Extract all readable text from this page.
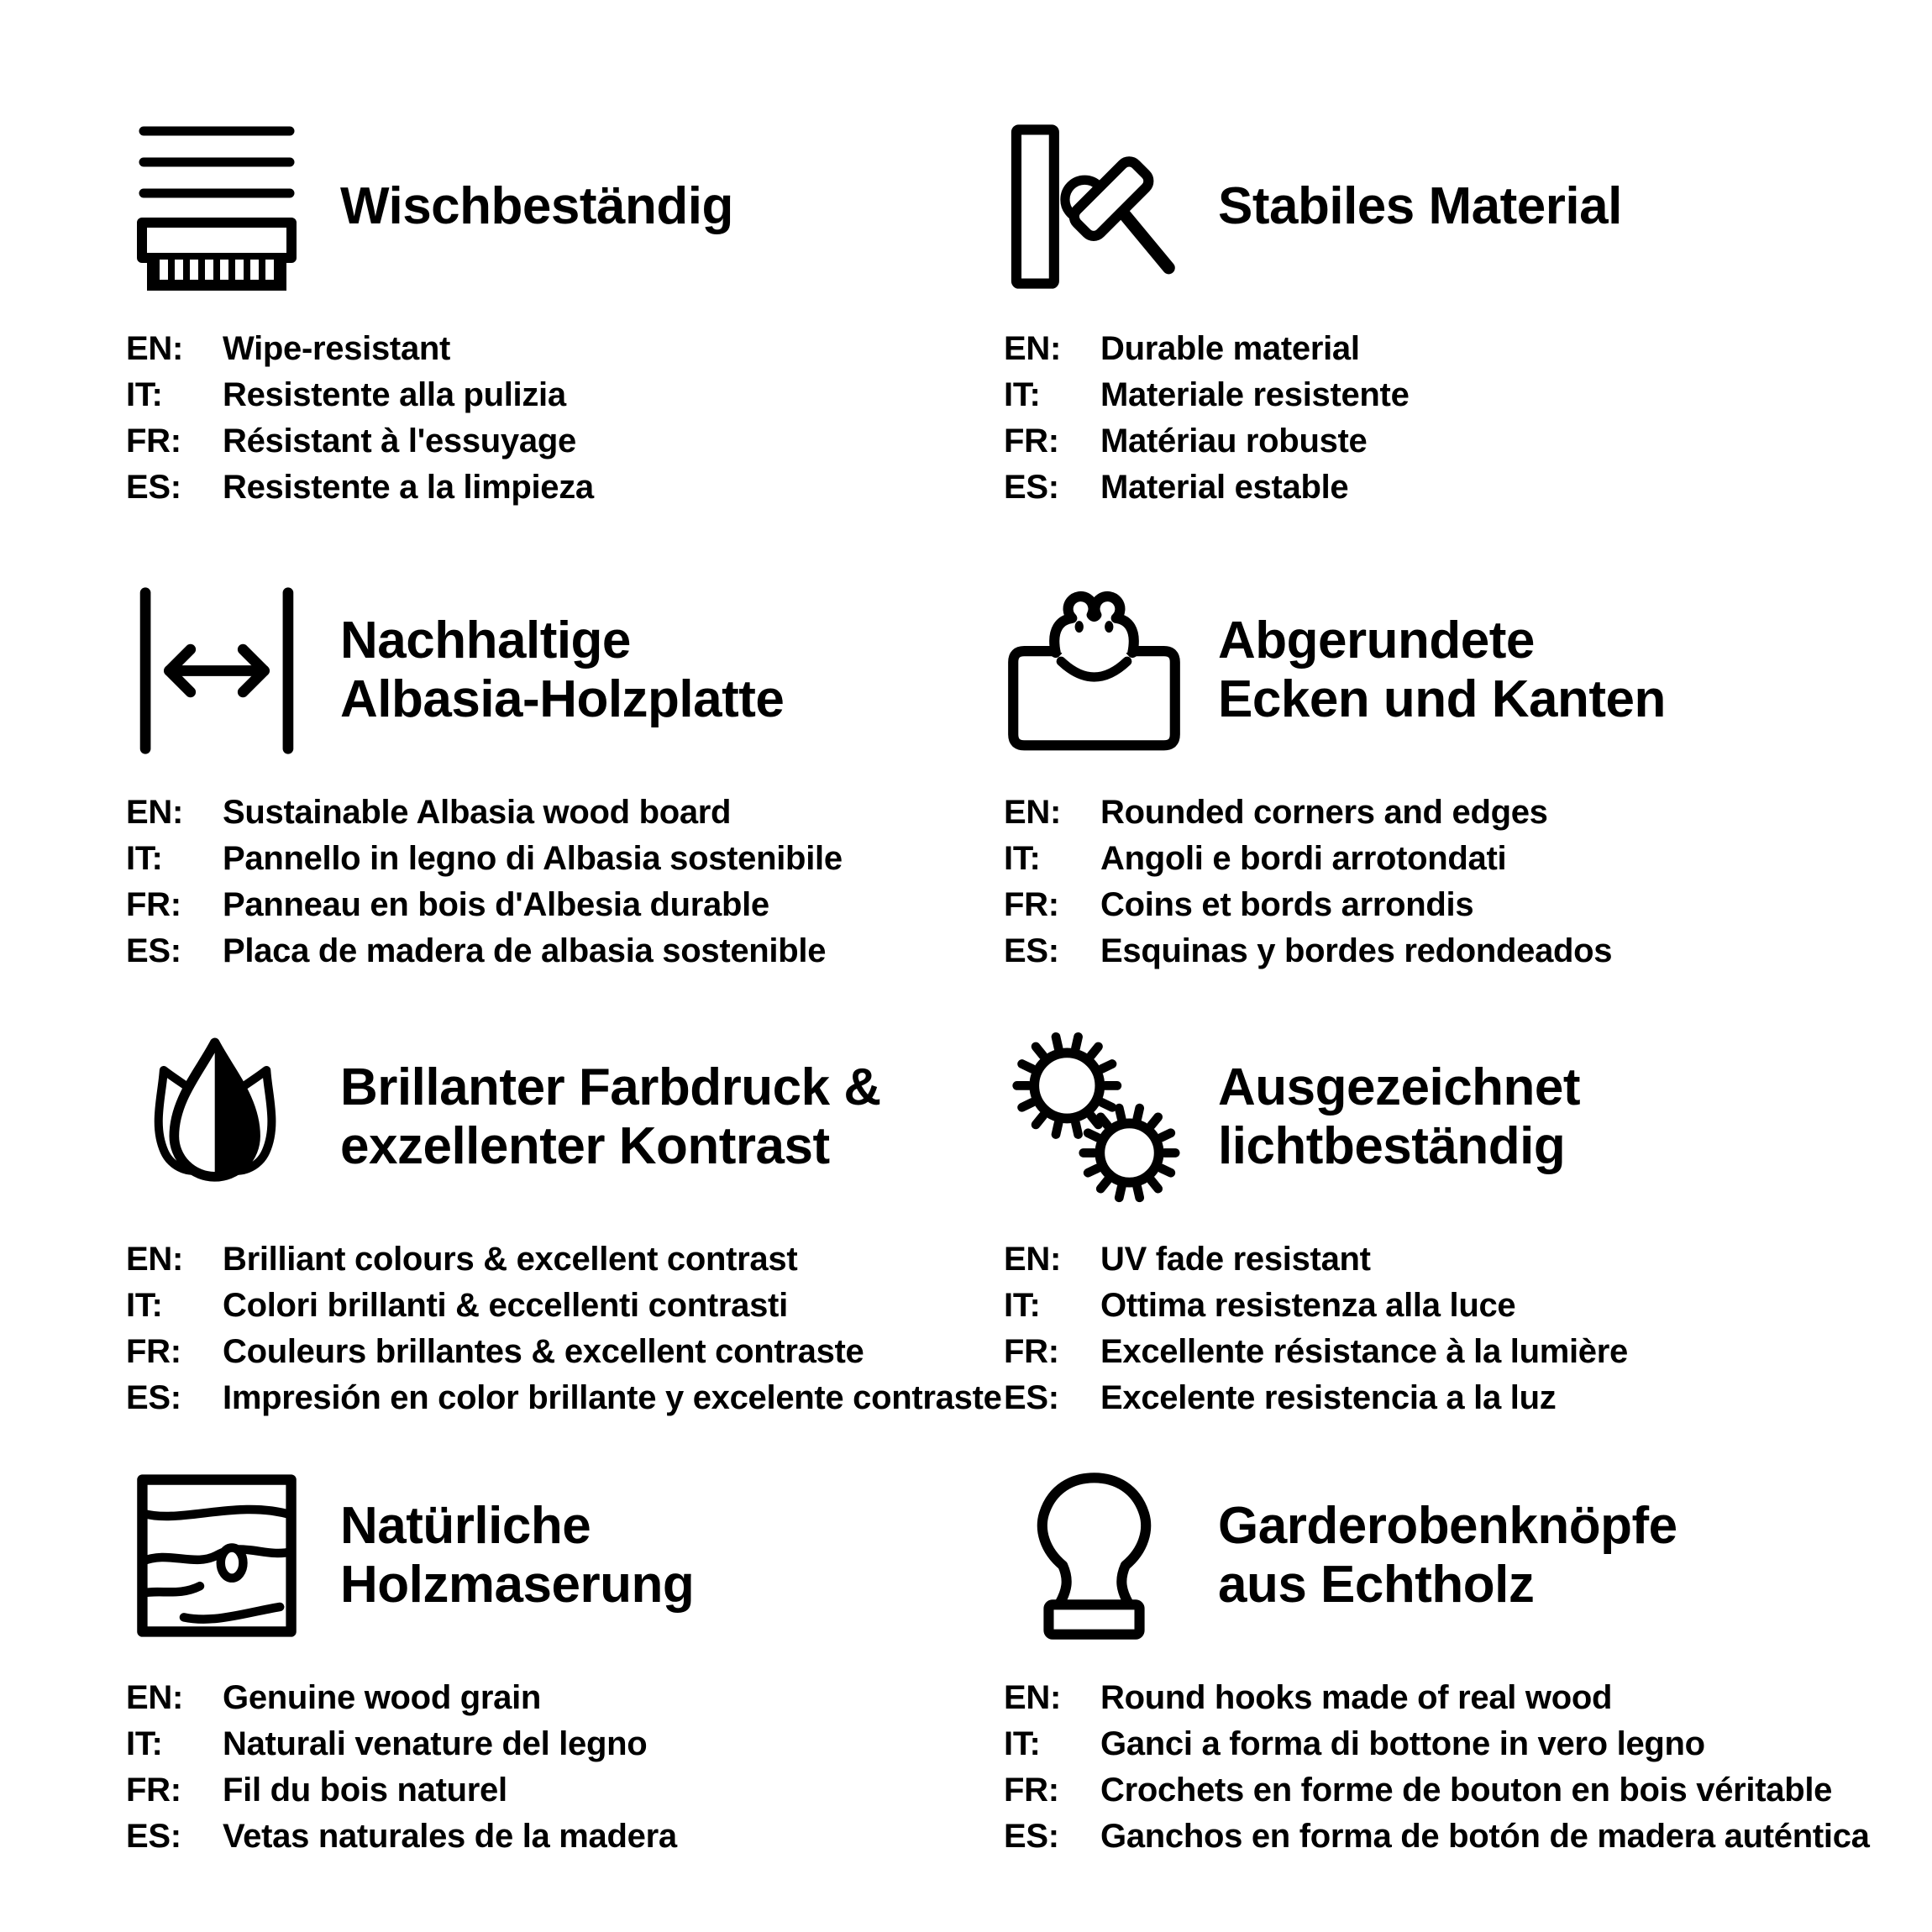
Wischbeständig
EN:	Wipe-resistant
IT:	Resistente alla pulizia
FR:	Résistant à l'essuyage
ES:	Resistente a la limpieza
Stabiles Material
EN:	Durable material
IT:	Materiale resistente
FR:	Matériau robuste
ES:	Material estable
Nachhaltige
Albasia-Holzplatte
EN:	Sustainable Albasia wood board
IT:	Pannello in legno di Albasia sostenibile
FR:	Panneau en bois d'Albesia durable
ES:	Placa de madera de albasia sostenible
Abgerundete
Ecken und Kanten
EN:	Rounded corners and edges
IT:	Angoli e bordi arrotondati
FR:	Coins et bords arrondis
ES:	Esquinas y bordes redondeados
Brillanter Farbdruck &
exzellenter Kontrast
EN:	Brilliant colours & excellent contrast
IT:	Colori brillanti & eccellenti contrasti
FR:	Couleurs brillantes & excellent contraste
ES:	Impresión en color brillante y excelente contraste
Ausgezeichnet
lichtbeständig
EN:	UV fade resistant
IT:	Ottima resistenza alla luce
FR:	Excellente résistance à la lumière
ES:	Excelente resistencia a la luz
Natürliche
Holzmaserung
EN:	Genuine wood grain
IT:	Naturali venature del legno
FR:	Fil du bois naturel
ES:	Vetas naturales de la madera
Garderobenknöpfe
aus Echtholz
EN:	Round hooks made of real wood
IT:	Ganci a forma di bottone in vero legno
FR:	Crochets en forme de bouton en bois véritable
ES:	Ganchos en forma de botón de madera auténtica
